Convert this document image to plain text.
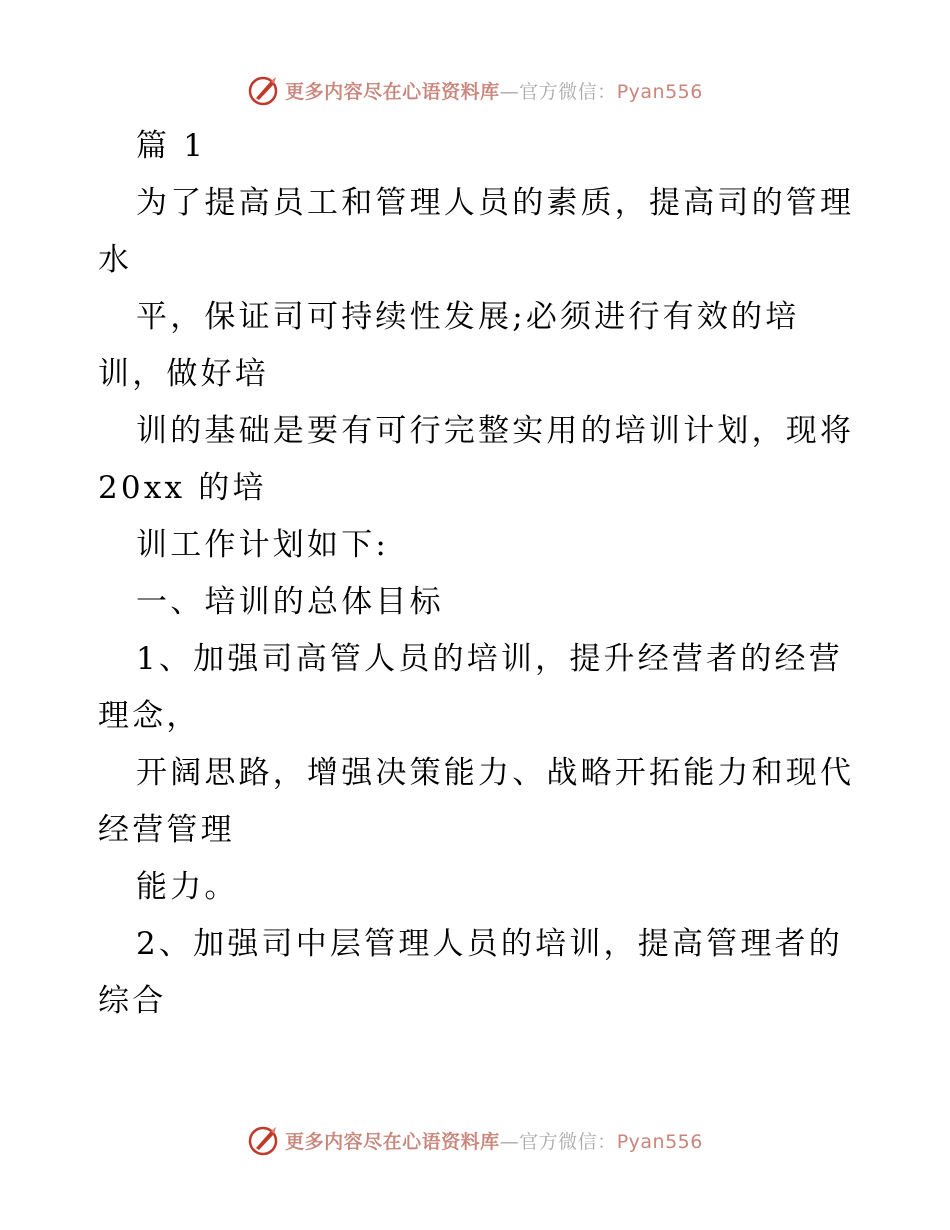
更多内容尽在心语资料库—官方微信：Pyan556
篇 1
为了提高员工和管理人员的素质，提高司的管理
水
平，保证司可持续性发展;必须进行有效的培
训，做好培
训的基础是要有可行完整实用的培训计划，现将
20xx 的培
训工作计划如下:
一、培训的总体目标
1、加强司高管人员的培训，提升经营者的经营
理念，
开阔思路，增强决策能力、战略开拓能力和现代
经营管理
能力。
2、加强司中层管理人员的培训，提高管理者的
综合
更多内容尽在心语资料库—官方微信：Pyan556
